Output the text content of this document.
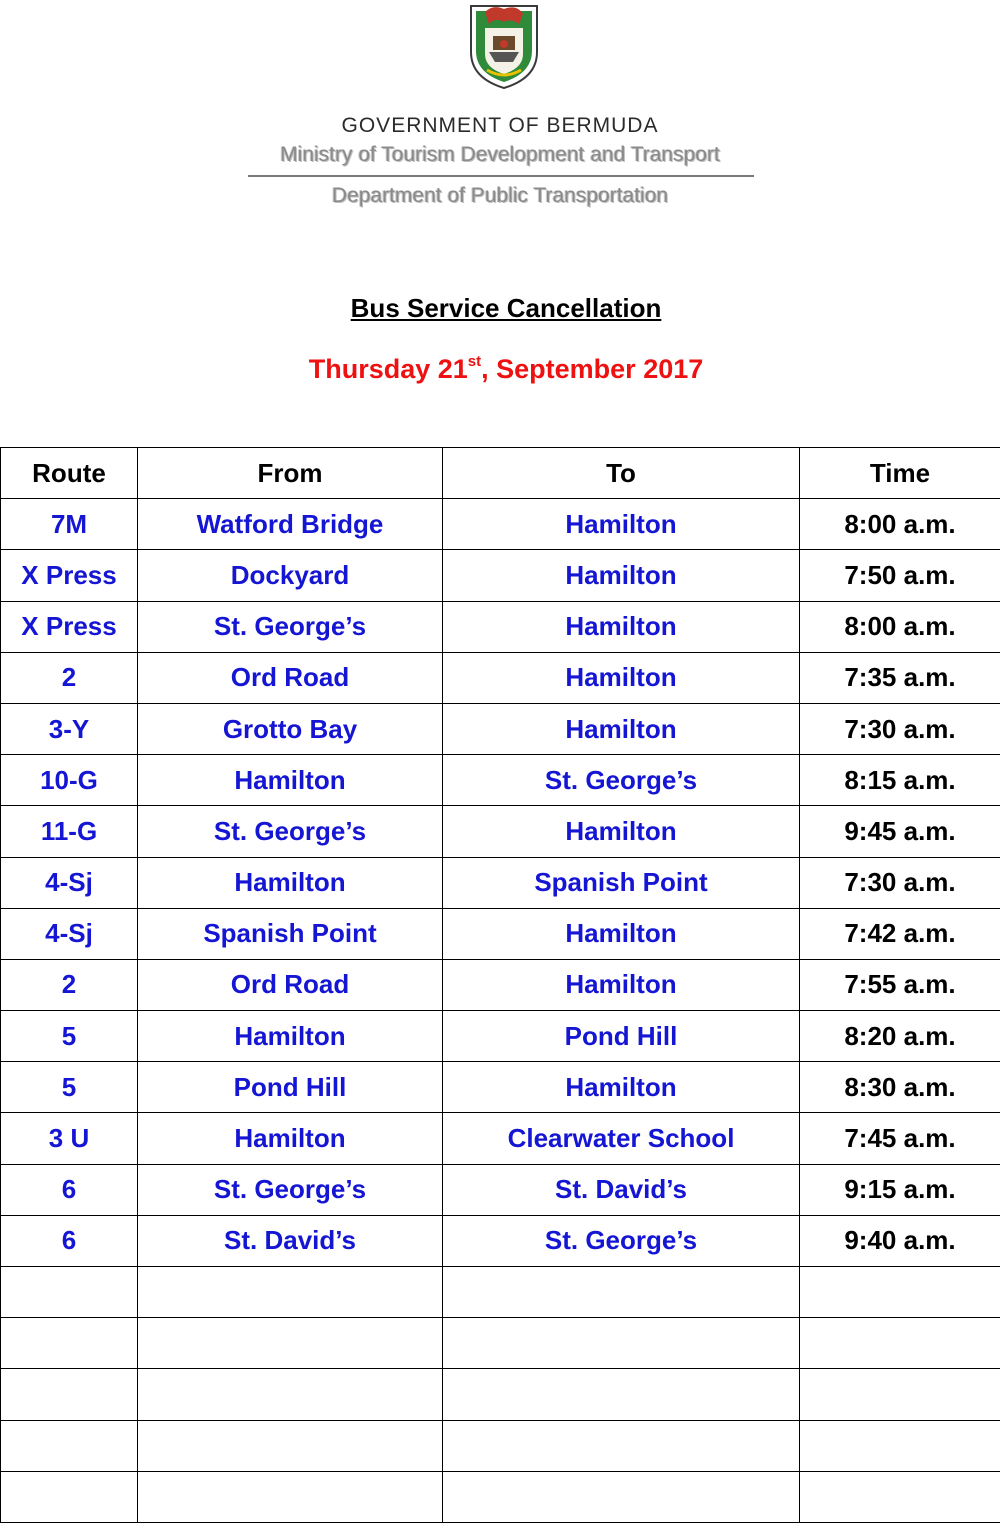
GOVERNMENT OF BERMUDA
Ministry of Tourism Development and Transport
Department of Public Transportation
Bus Service Cancellation
Thursday 21st, September 2017
Route	From	To	Time
7M	Watford Bridge	Hamilton	8:00 a.m.
X Press	Dockyard	Hamilton	7:50 a.m.
X Press	St. George’s	Hamilton	8:00 a.m.
2	Ord Road	Hamilton	7:35 a.m.
3-Y	Grotto Bay	Hamilton	7:30 a.m.
10-G	Hamilton	St. George’s	8:15 a.m.
11-G	St. George’s	Hamilton	9:45 a.m.
4-Sj	Hamilton	Spanish Point	7:30 a.m.
4-Sj	Spanish Point	Hamilton	7:42 a.m.
2	Ord Road	Hamilton	7:55 a.m.
5	Hamilton	Pond Hill	8:20 a.m.
5	Pond Hill	Hamilton	8:30 a.m.
3 U	Hamilton	Clearwater School	7:45 a.m.
6	St. George’s	St. David’s	9:15 a.m.
6	St. David’s	St. George’s	9:40 a.m.
